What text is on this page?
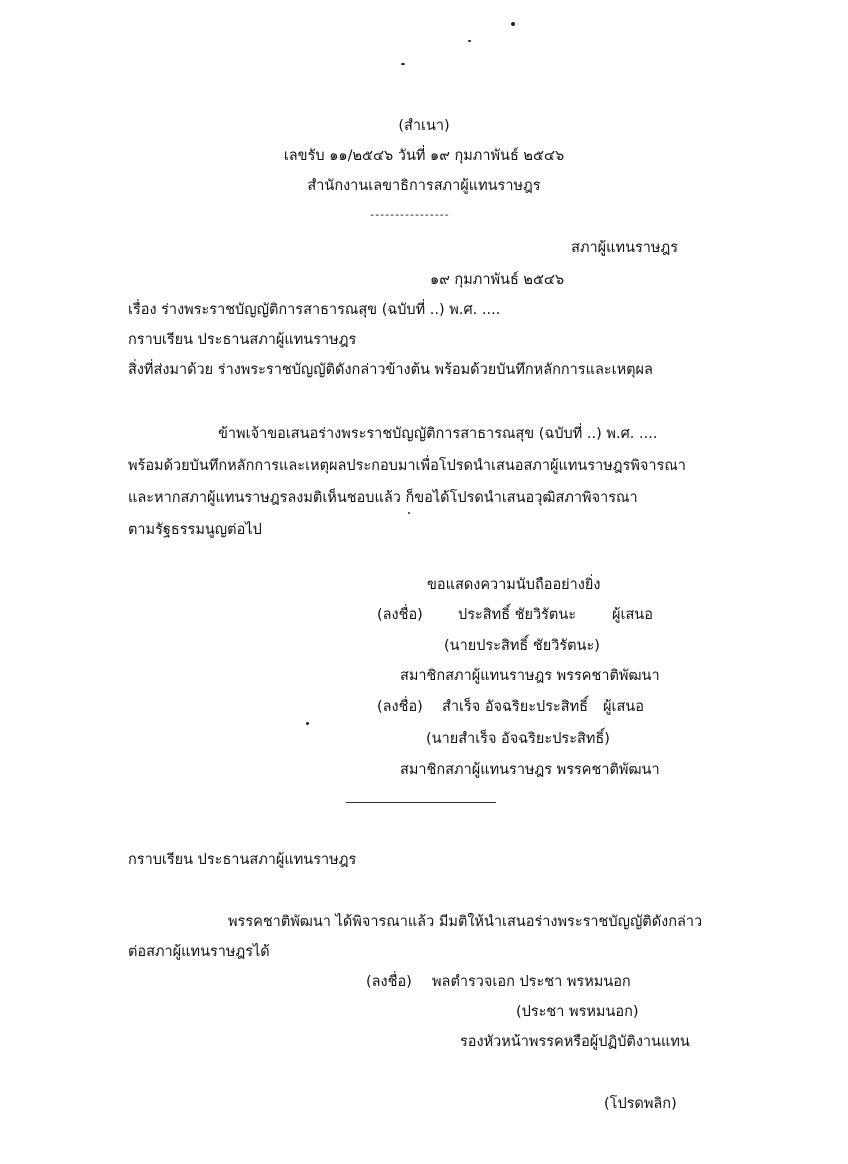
(สำเนา)
เลขรับ ๑๑/๒๕๔๖ วันที่ ๑๙ กุมภาพันธ์ ๒๕๔๖
สำนักงานเลขาธิการสภาผู้แทนราษฎร
----------------
สภาผู้แทนราษฎร
๑๙ กุมภาพันธ์ ๒๕๔๖
เรื่อง ร่างพระราชบัญญัติการสาธารณสุข (ฉบับที่ ..) พ.ศ. ....
กราบเรียน ประธานสภาผู้แทนราษฎร
สิ่งที่ส่งมาด้วย ร่างพระราชบัญญัติดังกล่าวข้างต้น พร้อมด้วยบันทึกหลักการและเหตุผล
ข้าพเจ้าขอเสนอร่างพระราชบัญญัติการสาธารณสุข (ฉบับที่ ..) พ.ศ. ....
พร้อมด้วยบันทึกหลักการและเหตุผลประกอบมาเพื่อโปรดนำเสนอสภาผู้แทนราษฎรพิจารณา
และหากสภาผู้แทนราษฎรลงมติเห็นชอบแล้ว ก็ขอได้โปรดนำเสนอวุฒิสภาพิจารณา
ตามรัฐธรรมนูญต่อไป
ขอแสดงความนับถืออย่างยิ่ง
(ลงชื่อ) ประสิทธิ์ ชัยวิรัตนะ ผู้เสนอ
(นายประสิทธิ์ ชัยวิรัตนะ)
สมาชิกสภาผู้แทนราษฎร พรรคชาติพัฒนา
(ลงชื่อ) สำเร็จ อัจฉริยะประสิทธิ์ ผู้เสนอ
(นายสำเร็จ อัจฉริยะประสิทธิ์)
สมาชิกสภาผู้แทนราษฎร พรรคชาติพัฒนา
กราบเรียน ประธานสภาผู้แทนราษฎร
พรรคชาติพัฒนา ได้พิจารณาแล้ว มีมติให้นำเสนอร่างพระราชบัญญัติดังกล่าว
ต่อสภาผู้แทนราษฎรได้
(ลงชื่อ) พลตำรวจเอก ประชา พรหมนอก
(ประชา พรหมนอก)
รองหัวหน้าพรรคหรือผู้ปฏิบัติงานแทน
(โปรดพลิก)
